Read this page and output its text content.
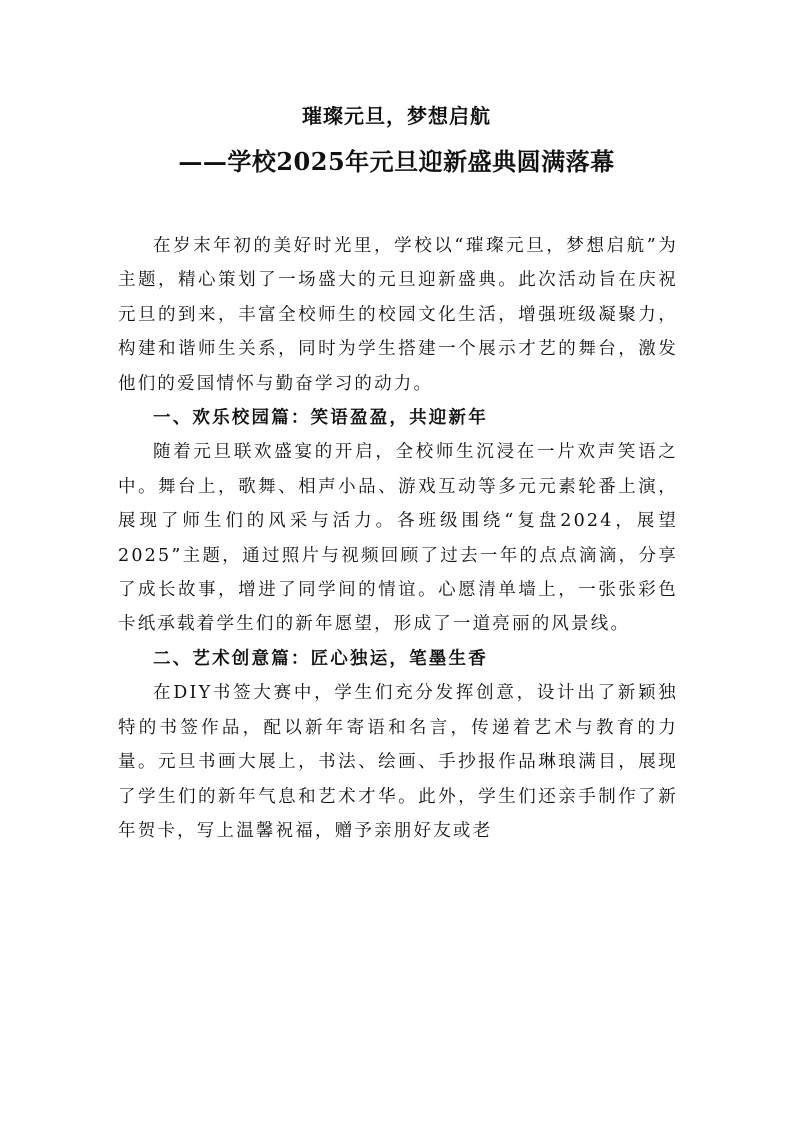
璀璨元旦，梦想启航
——学校2025年元旦迎新盛典圆满落幕

在岁末年初的美好时光里，学校以“璀璨元旦，梦想启航”为主题，精心策划了一场盛大的元旦迎新盛典。此次活动旨在庆祝元旦的到来，丰富全校师生的校园文化生活，增强班级凝聚力，构建和谐师生关系，同时为学生搭建一个展示才艺的舞台，激发他们的爱国情怀与勤奋学习的动力。

一、欢乐校园篇：笑语盈盈，共迎新年

随着元旦联欢盛宴的开启，全校师生沉浸在一片欢声笑语之中。舞台上，歌舞、相声小品、游戏互动等多元元素轮番上演，展现了师生们的风采与活力。各班级围绕“复盘2024，展望2025”主题，通过照片与视频回顾了过去一年的点点滴滴，分享了成长故事，增进了同学间的情谊。心愿清单墙上，一张张彩色卡纸承载着学生们的新年愿望，形成了一道亮丽的风景线。

二、艺术创意篇：匠心独运，笔墨生香

在DIY书签大赛中，学生们充分发挥创意，设计出了新颖独特的书签作品，配以新年寄语和名言，传递着艺术与教育的力量。元旦书画大展上，书法、绘画、手抄报作品琳琅满目，展现了学生们的新年气息和艺术才华。此外，学生们还亲手制作了新年贺卡，写上温馨祝福，赠予亲朋好友或老
